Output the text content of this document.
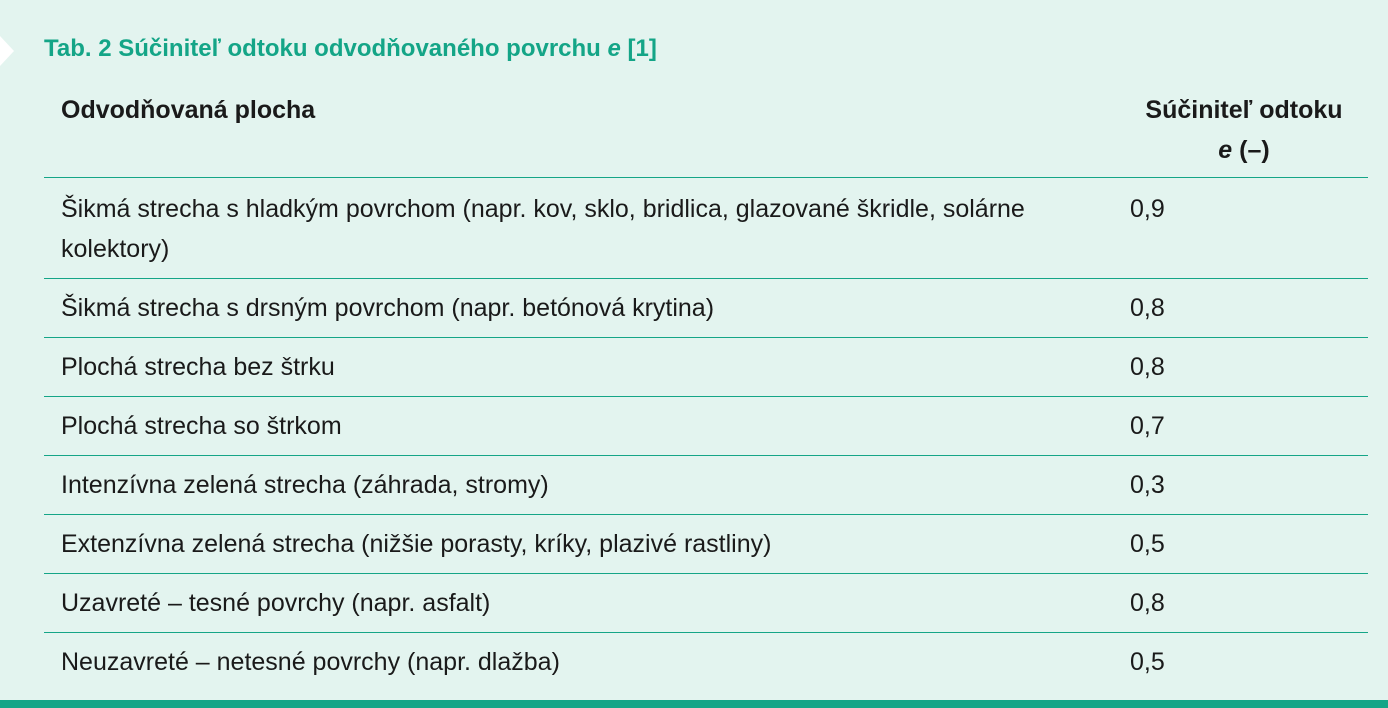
Tab. 2 Súčiniteľ odtoku odvodňovaného povrchu e [1]
Odvodňovaná plocha	Súčiniteľ odtoku
e (–)
Šikmá strecha s hladkým povrchom (napr. kov, sklo, bridlica, glazované škridle, solárne kolektory)	0,9
Šikmá strecha s drsným povrchom (napr. betónová krytina)	0,8
Plochá strecha bez štrku	0,8
Plochá strecha so štrkom	0,7
Intenzívna zelená strecha (záhrada, stromy)	0,3
Extenzívna zelená strecha (nižšie porasty, kríky, plazivé rastliny)	0,5
Uzavreté – tesné povrchy (napr. asfalt)	0,8
Neuzavreté – netesné povrchy (napr. dlažba)	0,5
